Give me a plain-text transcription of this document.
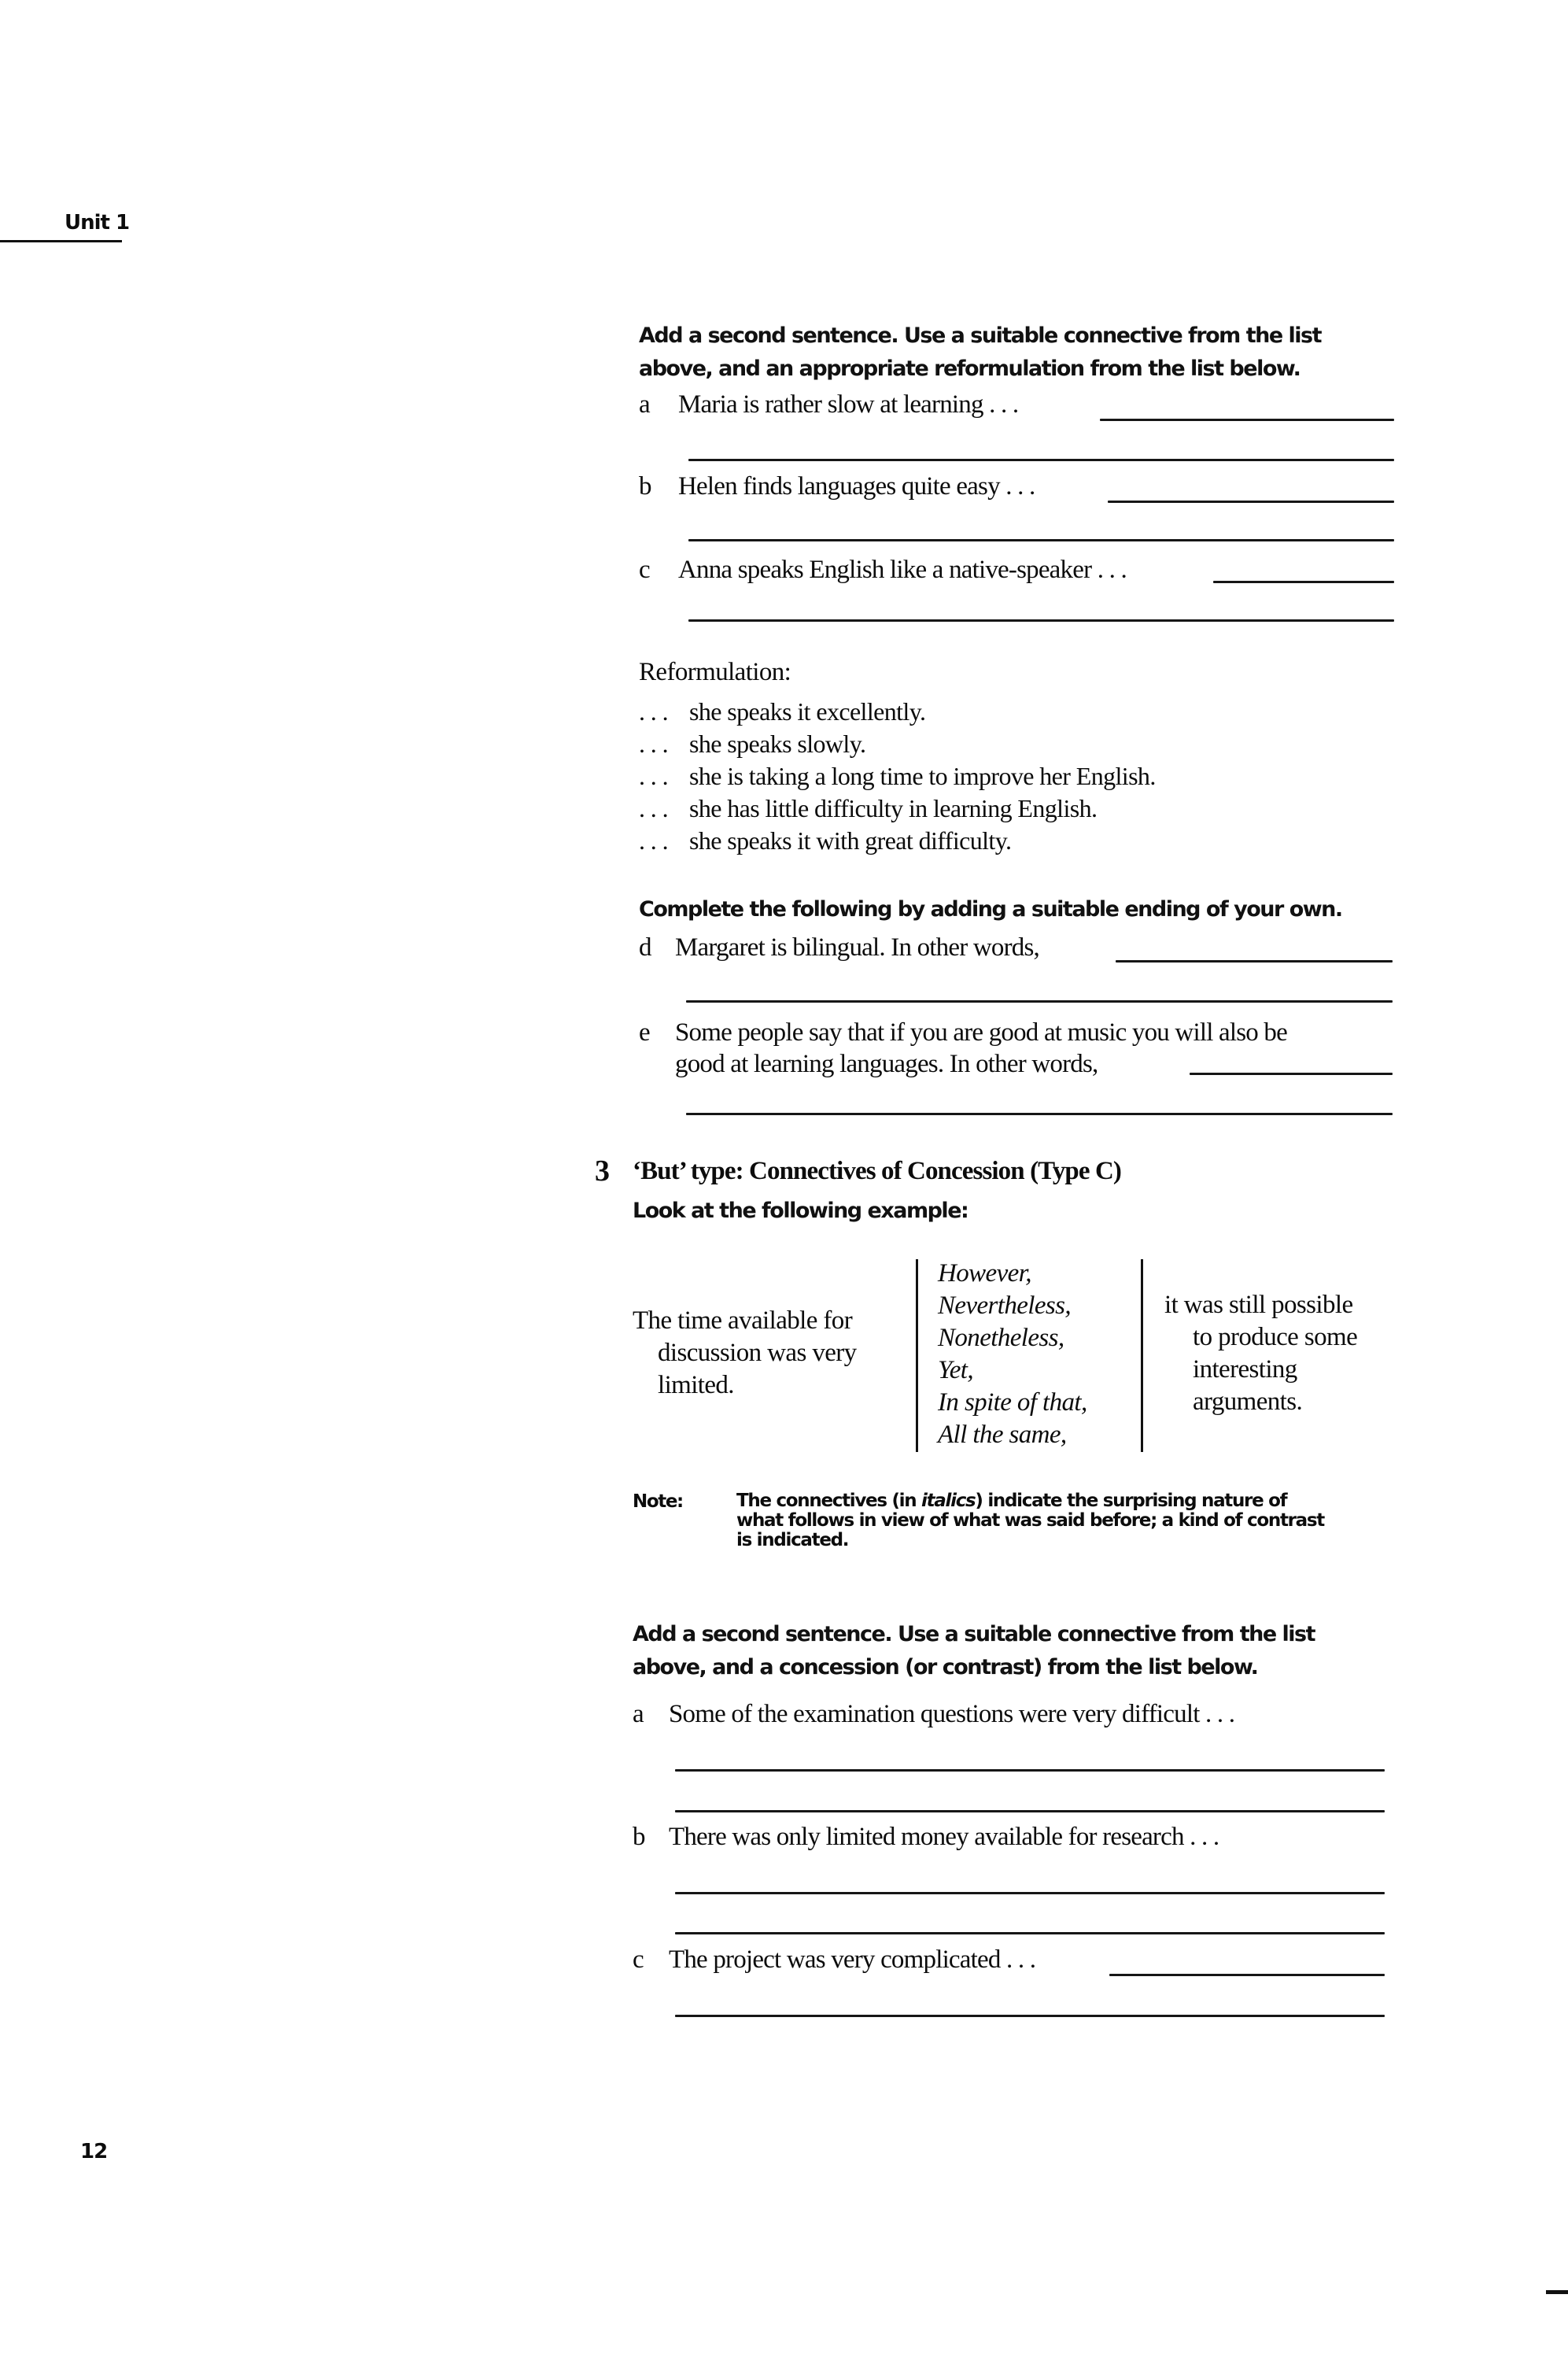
Unit 1
Add a second sentence. Use a suitable connective from the list
above, and an appropriate reformulation from the list below.
a Maria is rather slow at learning . . .
b Helen finds languages quite easy . . .
c Anna speaks English like a native-speaker . . .
Reformulation:
. . . she speaks it excellently.
. . . she speaks slowly.
. . . she is taking a long time to improve her English.
. . . she has little difficulty in learning English.
. . . she speaks it with great difficulty.
Complete the following by adding a suitable ending of your own.
d Margaret is bilingual. In other words,
e Some people say that if you are good at music you will also be
good at learning languages. In other words,
3 ‘But’ type: Connectives of Concession (Type C)
Look at the following example:
The time available for
discussion was very
limited.
However,
Nevertheless,
Nonetheless,
Yet,
In spite of that,
All the same,
it was still possible
to produce some
interesting
arguments.
Note:	The connectives (in italics) indicate the surprising nature of
what follows in view of what was said before; a kind of contrast
is indicated.
Add a second sentence. Use a suitable connective from the list
above, and a concession (or contrast) from the list below.
a Some of the examination questions were very difficult . . .
b There was only limited money available for research . . .
c The project was very complicated . . .
12
